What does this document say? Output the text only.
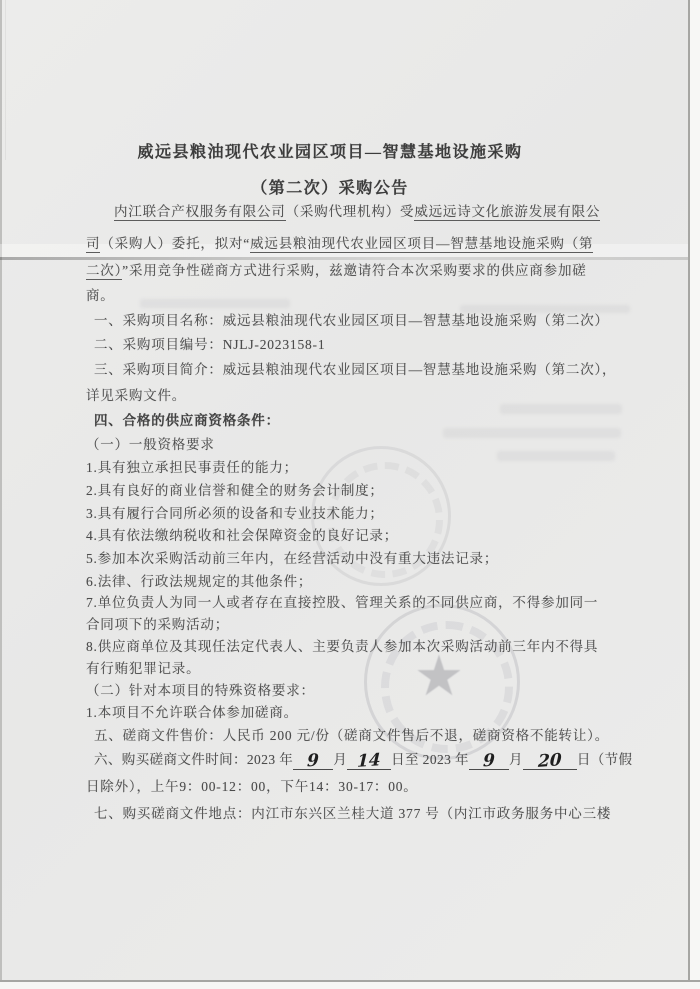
★
威远县粮油现代农业园区项目—智慧基地设施采购
（第二次）采购公告
内江联合产权服务有限公司（采购代理机构）受威远远诗文化旅游发展有限公
司（采购人）委托，拟对“威远县粮油现代农业园区项目—智慧基地设施采购（第
二次）”采用竞争性磋商方式进行采购，兹邀请符合本次采购要求的供应商参加磋
商。
一、采购项目名称：威远县粮油现代农业园区项目—智慧基地设施采购（第二次）
二、采购项目编号：NJLJ-2023158-1
三、采购项目简介：威远县粮油现代农业园区项目—智慧基地设施采购（第二次），
详见采购文件。
四、合格的供应商资格条件：
（一）一般资格要求
1.具有独立承担民事责任的能力；
2.具有良好的商业信誉和健全的财务会计制度；
3.具有履行合同所必须的设备和专业技术能力；
4.具有依法缴纳税收和社会保障资金的良好记录；
5.参加本次采购活动前三年内，在经营活动中没有重大违法记录；
6.法律、行政法规规定的其他条件；
7.单位负责人为同一人或者存在直接控股、管理关系的不同供应商，不得参加同一
合同项下的采购活动；
8.供应商单位及其现任法定代表人、主要负责人参加本次采购活动前三年内不得具
有行贿犯罪记录。
（二）针对本项目的特殊资格要求：
1.本项目不允许联合体参加磋商。
五、磋商文件售价：人民币 200 元/份（磋商文件售后不退，磋商资格不能转让）。
六、购买磋商文件时间：2023 年 9 月 14 日至 2023 年 9 月 20 日（节假
日除外），上午9：00-12：00，下午14：30-17：00。
七、购买磋商文件地点：内江市东兴区兰桂大道 377 号（内江市政务服务中心三楼
